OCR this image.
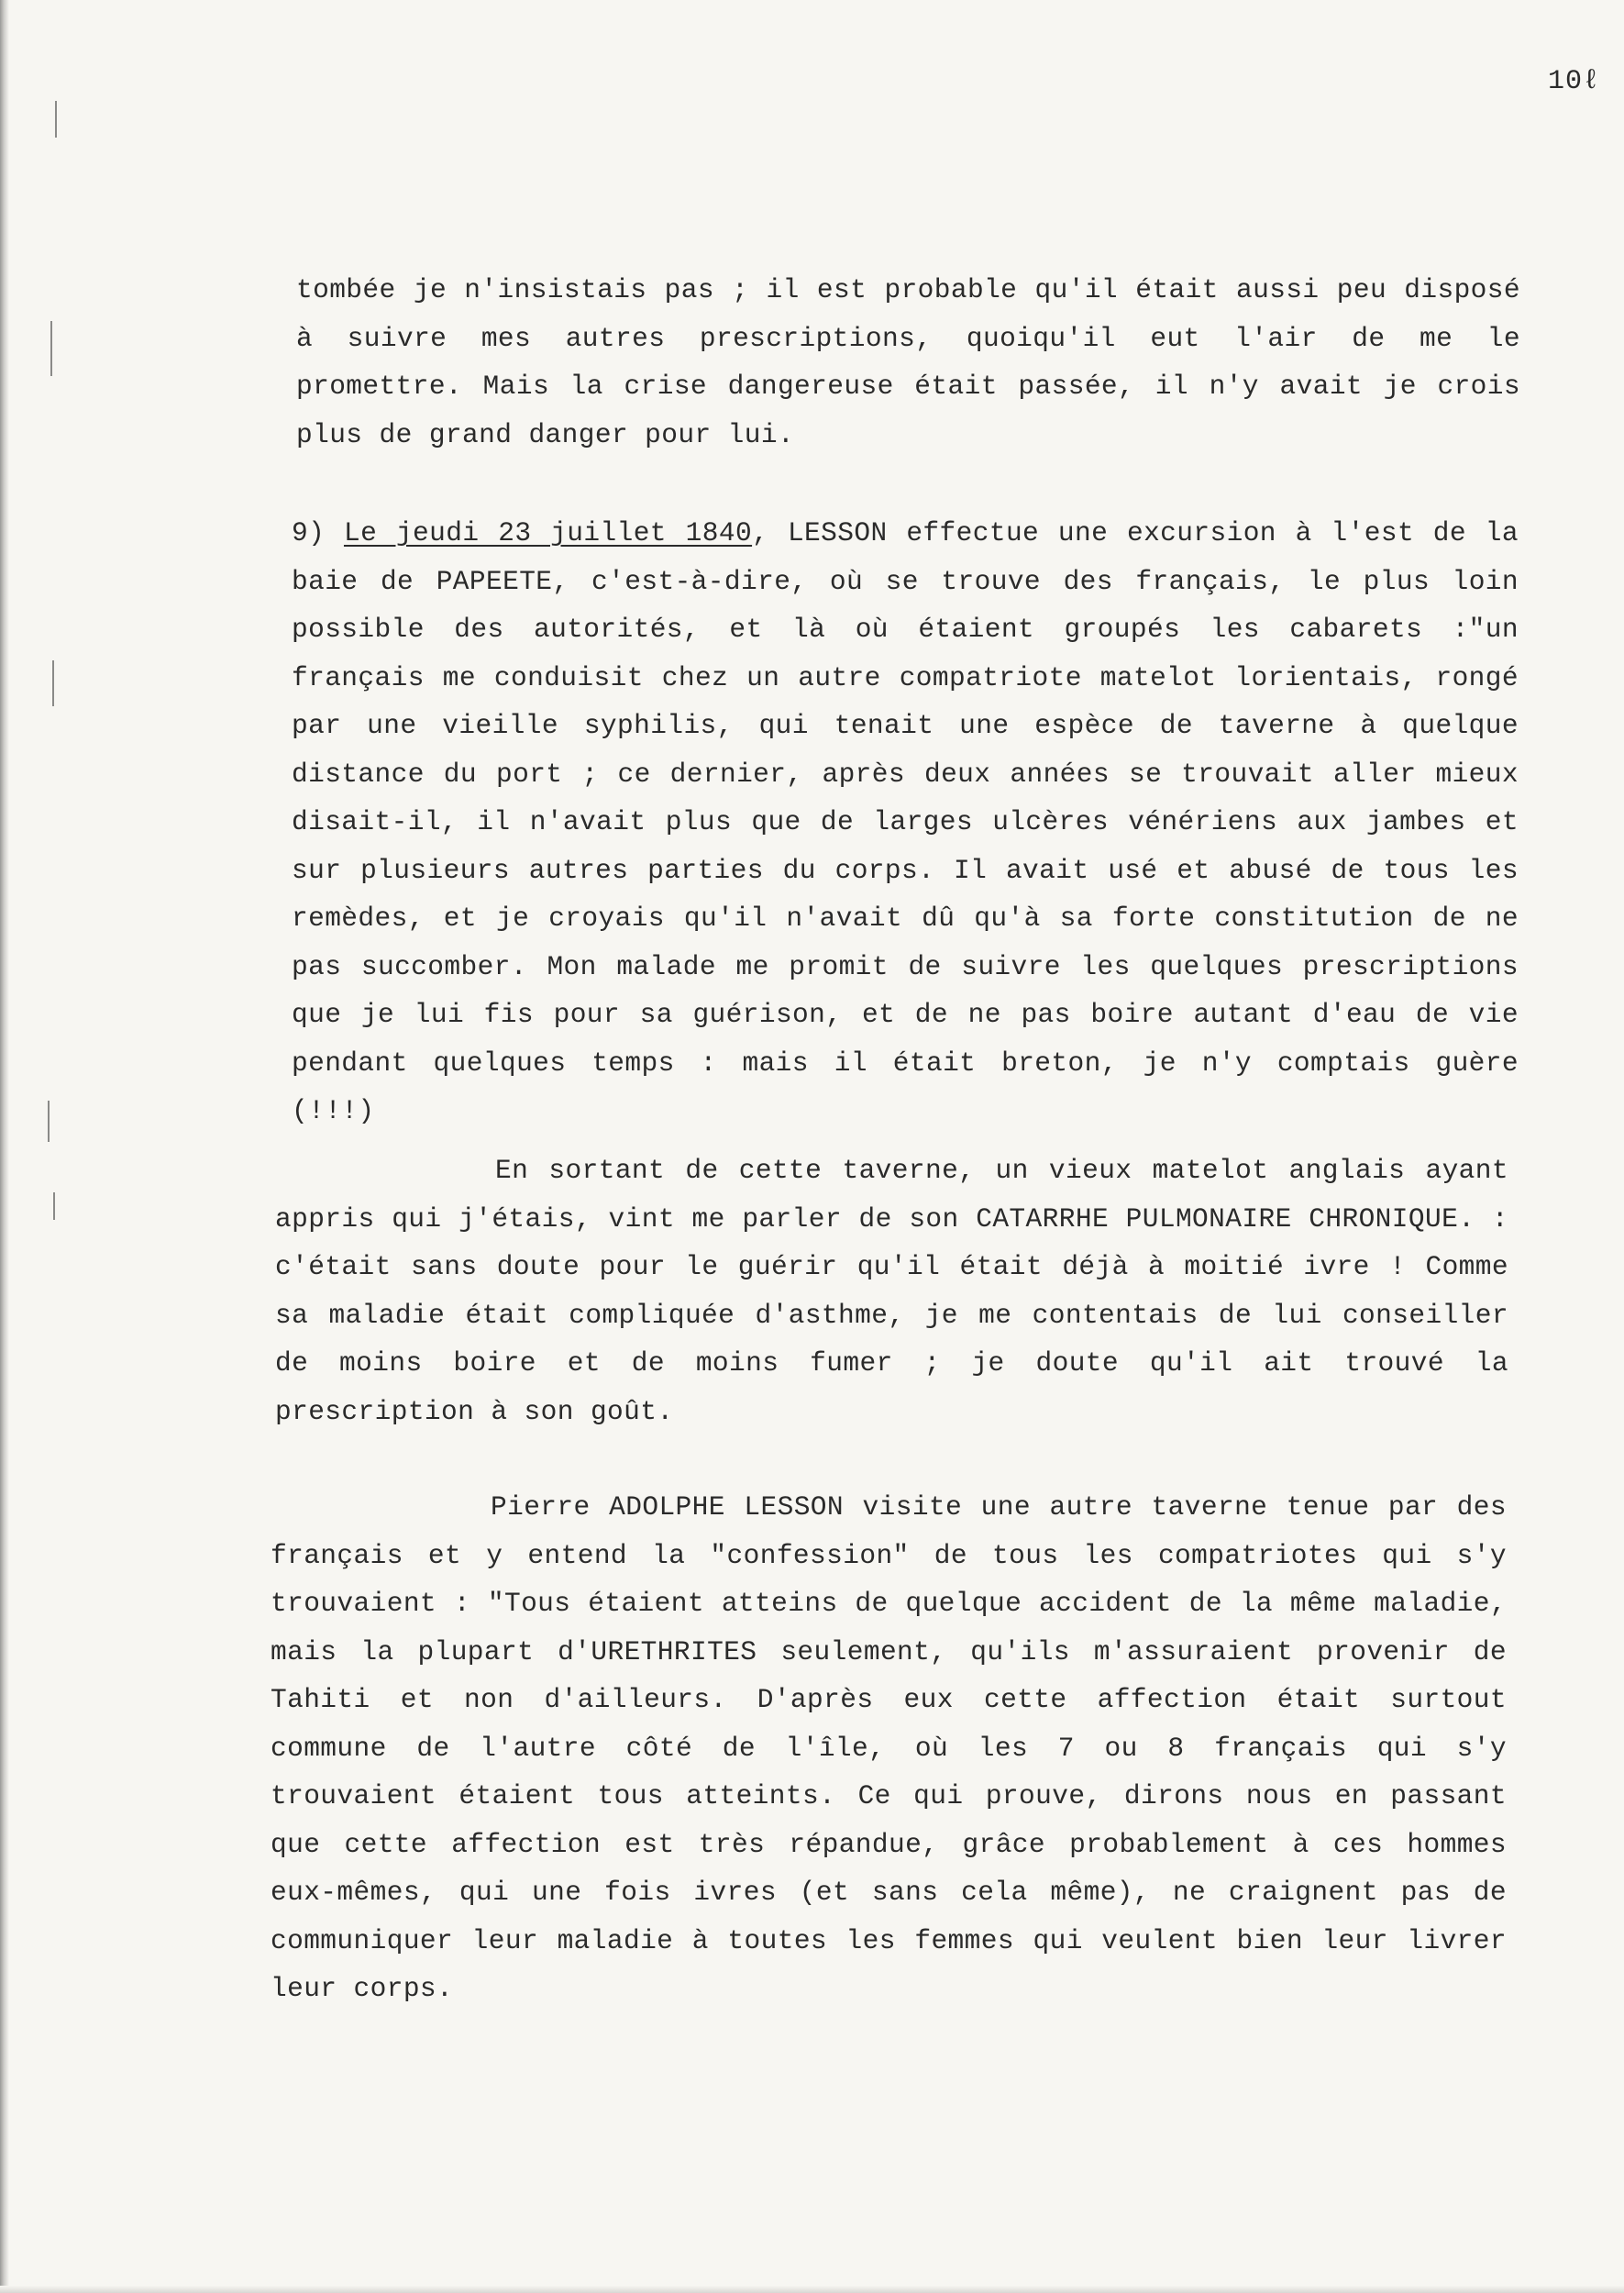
10ℓ

tombée je n'insistais pas ; il est probable qu'il était aussi peu disposé à suivre mes autres prescriptions, quoiqu'il eut l'air de me le promettre. Mais la crise dangereuse était passée, il n'y avait je crois plus de grand danger pour lui.

9) Le jeudi 23 juillet 1840, LESSON effectue une excursion à l'est de la baie de PAPEETE, c'est-à-dire, où se trouve des français, le plus loin possible des autorités, et là où étaient groupés les cabarets :"un français me conduisit chez un autre compatriote matelot lorientais, rongé par une vieille syphilis, qui tenait une espèce de taverne à quelque distance du port ; ce dernier, après deux années se trouvait aller mieux disait-il, il n'avait plus que de larges ulcères vénériens aux jambes et sur plusieurs autres parties du corps. Il avait usé et abusé de tous les remèdes, et je croyais qu'il n'avait dû qu'à sa forte constitution de ne pas succomber. Mon malade me promit de suivre les quelques prescriptions que je lui fis pour sa guérison, et de ne pas boire autant d'eau de vie pendant quelques temps : mais il était breton, je n'y comptais guère (!!!)

En sortant de cette taverne, un vieux matelot anglais ayant appris qui j'étais, vint me parler de son CATARRHE PULMONAIRE CHRONIQUE. : c'était sans doute pour le guérir qu'il était déjà à moitié ivre ! Comme sa maladie était compliquée d'asthme, je me contentais de lui conseiller de moins boire et de moins fumer ; je doute qu'il ait trouvé la prescription à son goût.

Pierre ADOLPHE LESSON visite une autre taverne tenue par des français et y entend la "confession" de tous les compatriotes qui s'y trouvaient : "Tous étaient atteins de quelque accident de la même maladie, mais la plupart d'URETHRITES seulement, qu'ils m'assuraient provenir de Tahiti et non d'ailleurs. D'après eux cette affection était surtout commune de l'autre côté de l'île, où les 7 ou 8 français qui s'y trouvaient étaient tous atteints. Ce qui prouve, dirons nous en passant que cette affection est très répandue, grâce probablement à ces hommes eux-mêmes, qui une fois ivres (et sans cela même), ne craignent pas de communiquer leur maladie à toutes les femmes qui veulent bien leur livrer leur corps.
